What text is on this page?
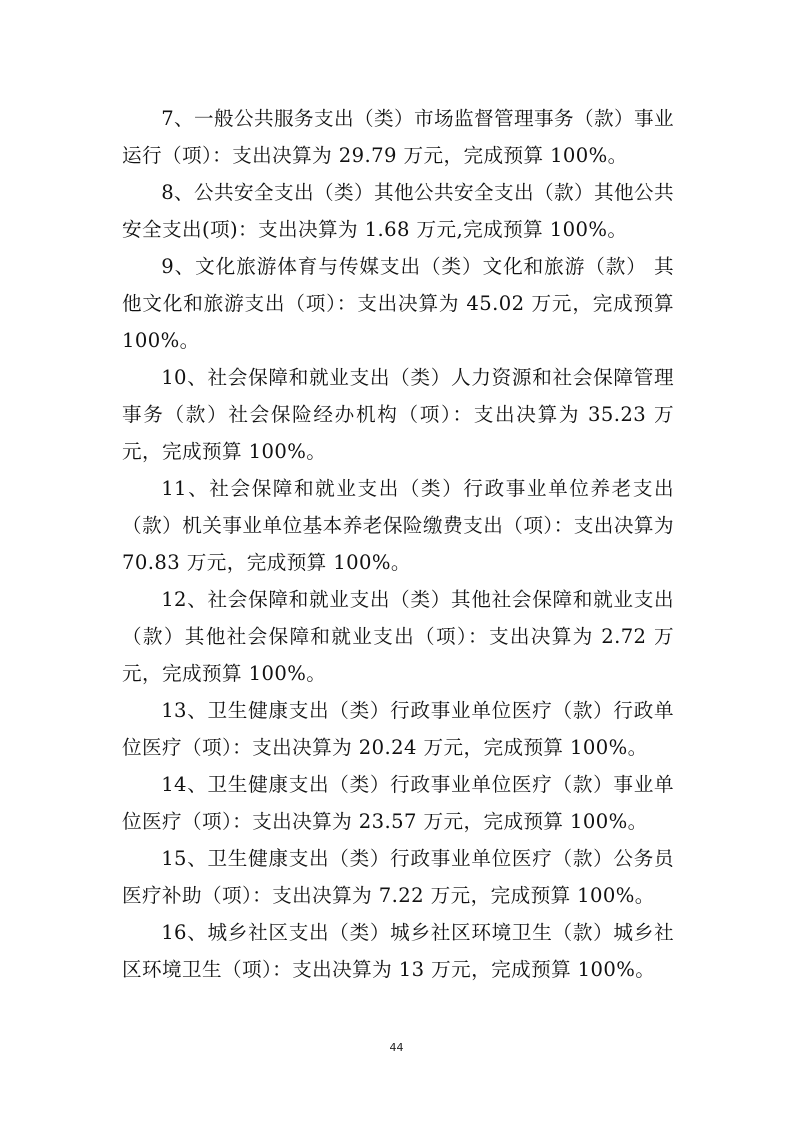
7、一般公共服务支出（类）市场监督管理事务（款）事业运行（项）：支出决算为 29.79 万元，完成预算 100%。

8、公共安全支出（类）其他公共安全支出（款）其他公共安全支出(项)：支出决算为 1.68 万元,完成预算 100%。

9、文化旅游体育与传媒支出（类）文化和旅游（款） 其他文化和旅游支出（项）：支出决算为 45.02 万元，完成预算 100%。

10、社会保障和就业支出（类）人力资源和社会保障管理事务（款）社会保险经办机构（项）：支出决算为 35.23 万元，完成预算 100%。

11、社会保障和就业支出（类）行政事业单位养老支出（款）机关事业单位基本养老保险缴费支出（项）：支出决算为 70.83 万元，完成预算 100%。

12、社会保障和就业支出（类）其他社会保障和就业支出（款）其他社会保障和就业支出（项）：支出决算为 2.72 万元，完成预算 100%。

13、卫生健康支出（类）行政事业单位医疗（款）行政单位医疗（项）：支出决算为 20.24 万元，完成预算 100%。

14、卫生健康支出（类）行政事业单位医疗（款）事业单位医疗（项）：支出决算为 23.57 万元，完成预算 100%。

15、卫生健康支出（类）行政事业单位医疗（款）公务员医疗补助（项）：支出决算为 7.22 万元，完成预算 100%。

16、城乡社区支出（类）城乡社区环境卫生（款）城乡社区环境卫生（项）：支出决算为 13 万元，完成预算 100%。

44
